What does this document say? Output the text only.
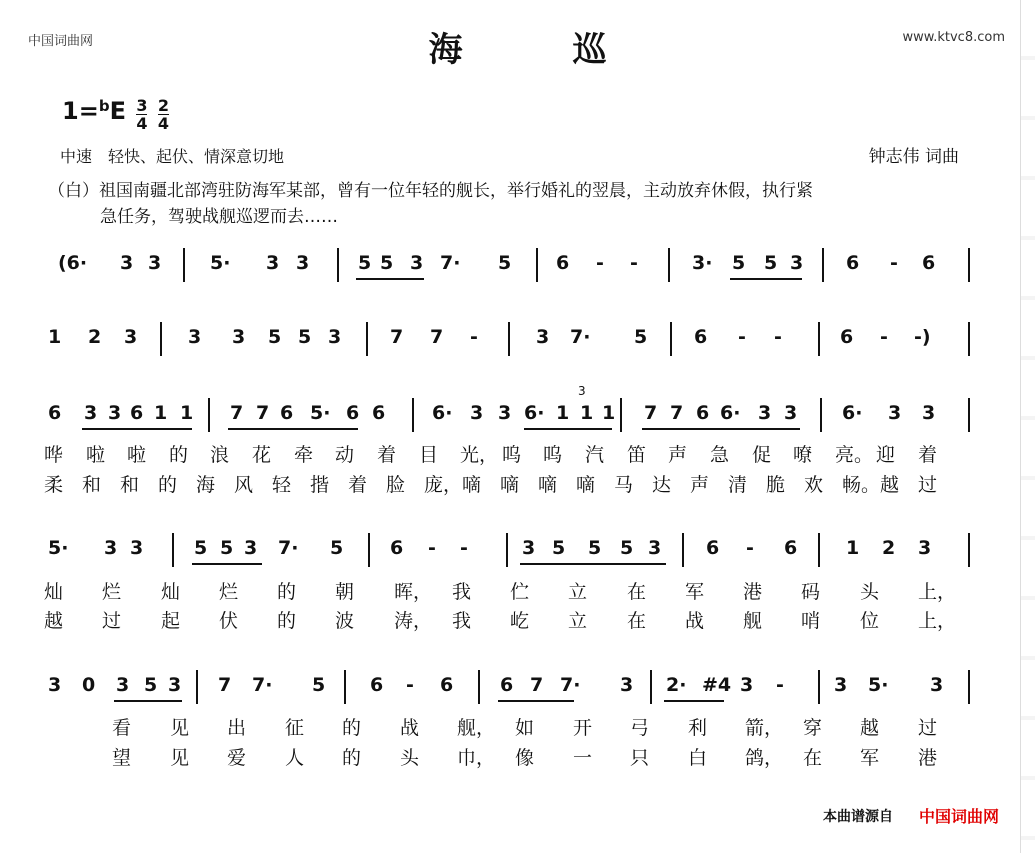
中国词曲网	www.ktvc8.com
海巡
$1=^bE \frac{3}{4}$
$\frac{2}{4}$
中速　轻快、起伏、情深意切地	钟志伟 词曲
（白）祖国南疆北部湾驻防海军某部，曾有一位年轻的舰长，举行婚礼的翌晨，主动放弃休假，执行紧
急任务，驾驶战舰巡逻而去……
(6· 3 3	5· 3 3	5 5 3 7· 5 6 - -	3· 5 5 3 6 - 6
1 2 3	3 3 5 5 3	7 7 -	3 7· 5 6 - -	6 - -)
6 3 3 6 1 1 7 7 6 5· 6 6 6· 3 3 6· 1 1 1 7 7 6 6· 3 3 6· 3 3
3
5· 3 3	5 5 3 7· 5 6 - -	3 5 5 5 3 6 - 6	1 2 3
3 0 3 5 3 7 7· 5 6 - 6 6 7 7· 3 2· #4 3 -	3 5· 3
哗 啦 啦 的 浪 花 牵 动 着 目 光， 呜 呜 汽 笛 声 急 促 嘹 亮。 迎 着
柔 和 和 的 海 风 轻 揩 着 脸 庞， 嘀 嘀 嘀 嘀 马 达 声 清 脆 欢 畅。 越 过
灿 烂 灿 烂 的 朝 晖， 我 伫 立 在 军 港 码 头 上，
越 过 起 伏 的 波 涛， 我 屹 立 在 战 舰 哨 位 上，
看 见 出 征 的 战 舰， 如 开 弓 利 箭， 穿 越 过
望 见 爱 人 的 头 巾， 像 一 只 白 鸽， 在 军 港
本曲谱源自 中国词曲网
